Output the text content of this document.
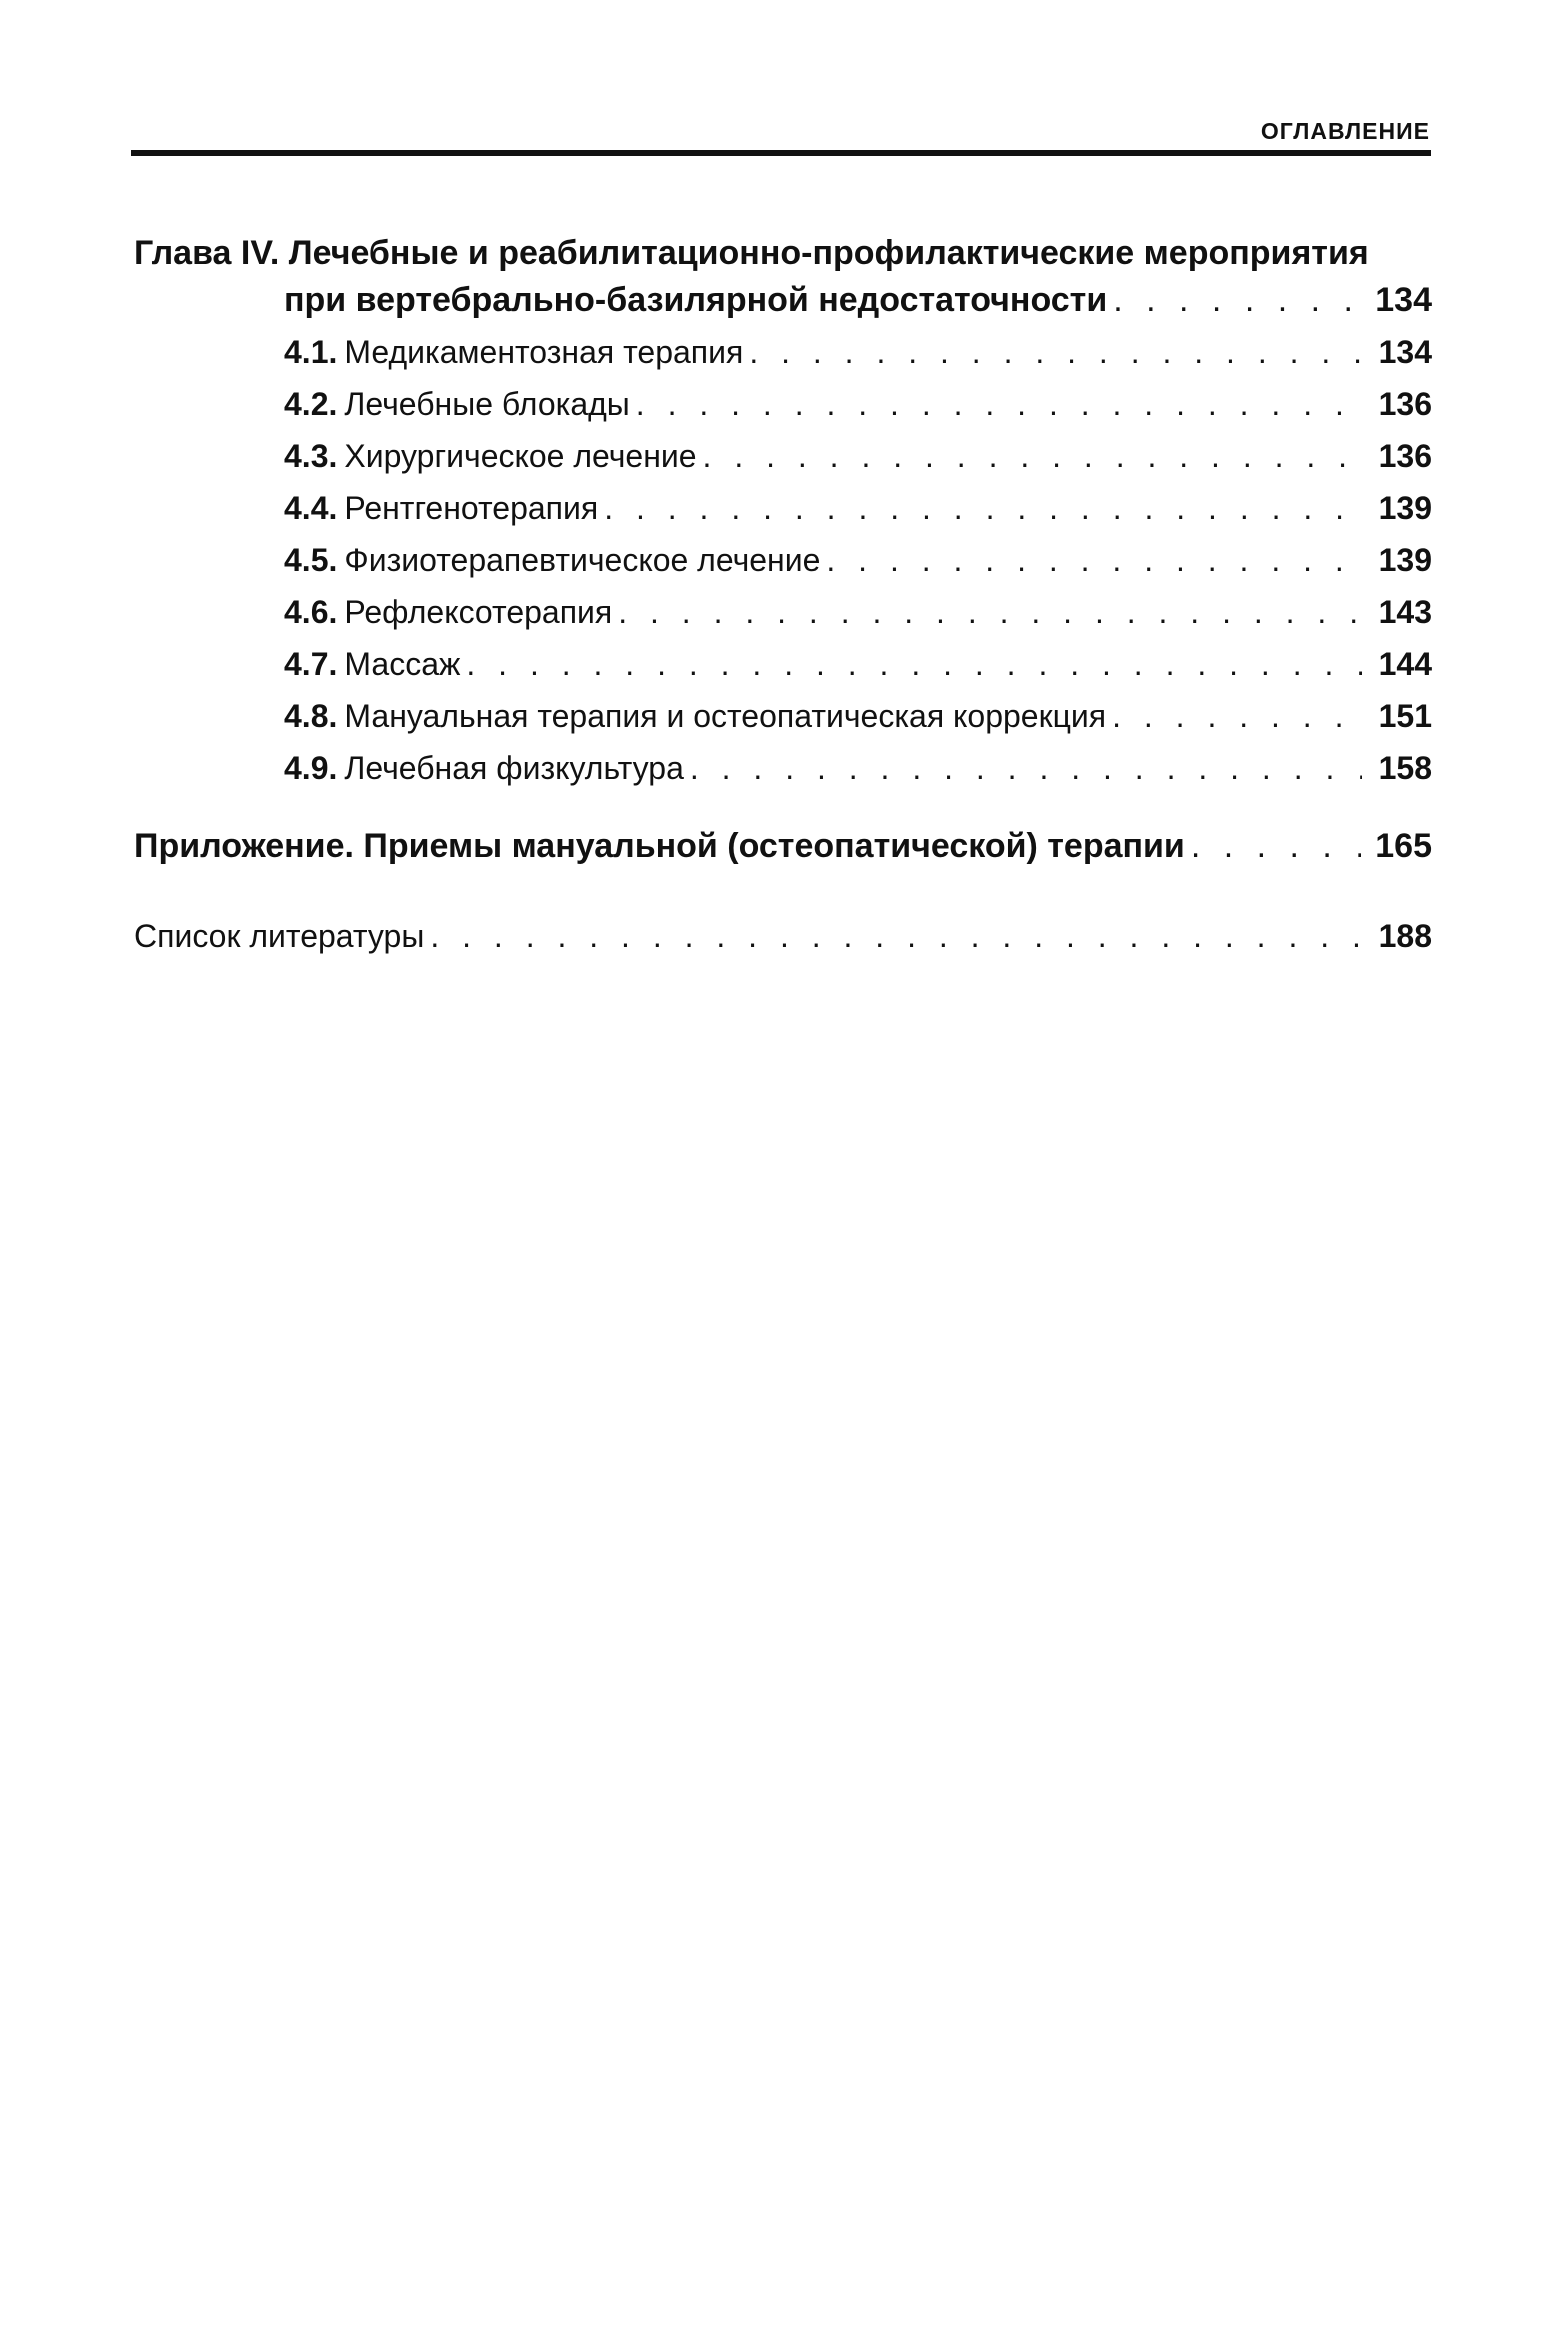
ОГЛАВЛЕНИЕ
Глава IV. Лечебные и реабилитационно-профилактические мероприятия
при вертебрально-базилярной недостаточности . . .	134
4.1. Медикаментозная терапия . . .	134
4.2. Лечебные блокады . . .	136
4.3. Хирургическое лечение . . .	136
4.4. Рентгенотерапия . . .	139
4.5. Физиотерапевтическое лечение . . .	139
4.6. Рефлексотерапия . . .	143
4.7. Массаж . . .	144
4.8. Мануальная терапия и остеопатическая коррекция . . .	151
4.9. Лечебная физкультура . . .	158
Приложение. Приемы мануальной (остеопатической) терапии . . .	165
Список литературы . . .	188
